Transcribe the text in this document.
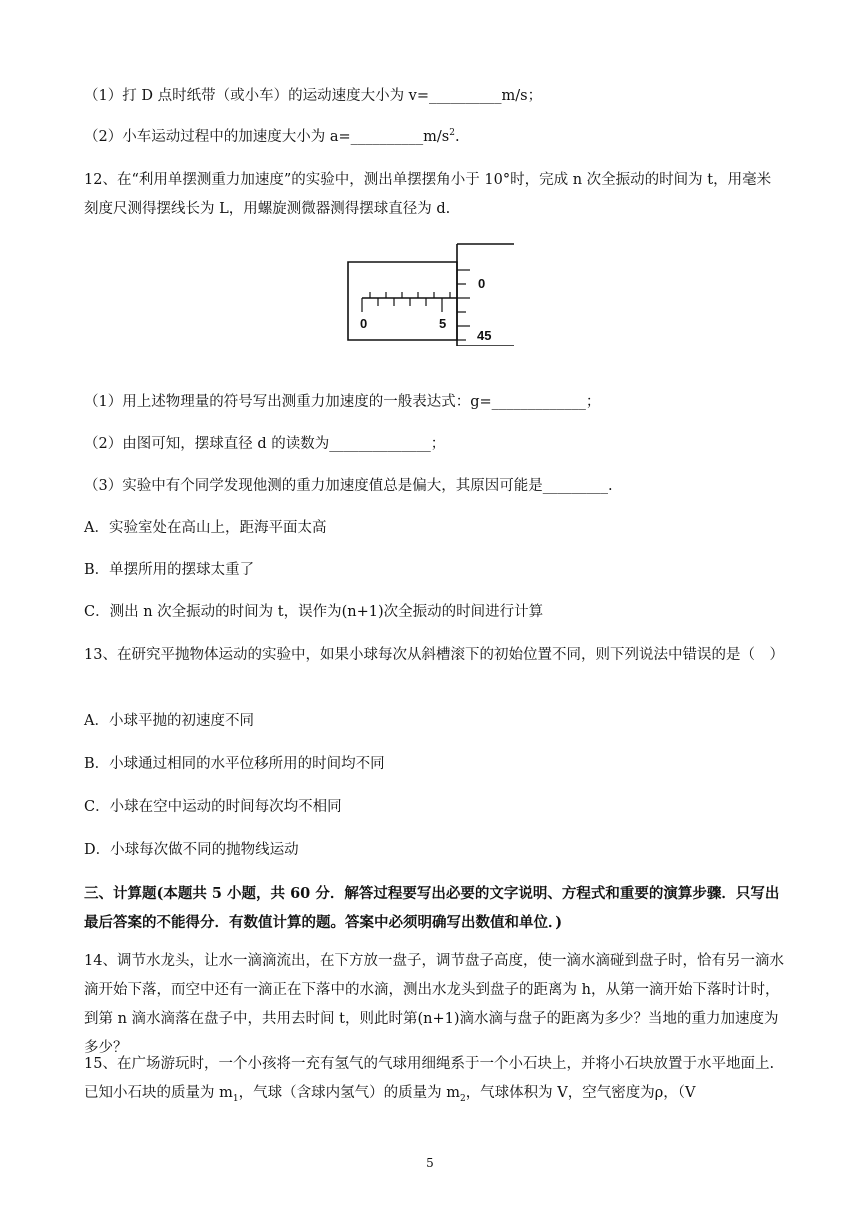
（1）打 D 点时纸带（或小车）的运动速度大小为 v=__________m/s；
（2）小车运动过程中的加速度大小为 $a=\_\_\_\_\_\_\_\_\_\_m/s^2$.
12、在“利用单摆测重力加速度”的实验中，测出单摆摆角小于 10°时，完成 n 次全振动的时间为 t，用毫米刻度尺测得摆线长为 L，用螺旋测微器测得摆球直径为 d.
0	5
0
45
（1）用上述物理量的符号写出测重力加速度的一般表达式：g=_____________；
（2）由图可知，摆球直径 d 的读数为______________；
（3）实验中有个同学发现他测的重力加速度值总是偏大，其原因可能是_________.
A．实验室处在高山上，距海平面太高
B．单摆所用的摆球太重了
C．测出 n 次全振动的时间为 t，误作为(n+1)次全振动的时间进行计算
13、在研究平抛物体运动的实验中，如果小球每次从斜槽滚下的初始位置不同，则下列说法中错误的是（　）
A．小球平抛的初速度不同
B．小球通过相同的水平位移所用的时间均不同
C．小球在空中运动的时间每次均不相同
D．小球每次做不同的抛物线运动
三、计算题(本题共 5 小题，共 60 分．解答过程要写出必要的文字说明、方程式和重要的演算步骤．只写出最后答案的不能得分．有数值计算的题。答案中必须明确写出数值和单位．)
14、调节水龙头，让水一滴滴流出，在下方放一盘子，调节盘子高度，使一滴水滴碰到盘子时，恰有另一滴水滴开始下落，而空中还有一滴正在下落中的水滴，测出水龙头到盘子的距离为 h，从第一滴开始下落时计时，到第 n 滴水滴落在盘子中，共用去时间 t，则此时第(n+1)滴水滴与盘子的距离为多少？当地的重力加速度为多少？
15、在广场游玩时，一个小孩将一充有氢气的气球用细绳系于一个小石块上，并将小石块放置于水平地面上.已知小石块的质量为 $m_1$，气球（含球内氢气）的质量为 $m_2$，气球体积为 V，空气密度为ρ，（V
5
